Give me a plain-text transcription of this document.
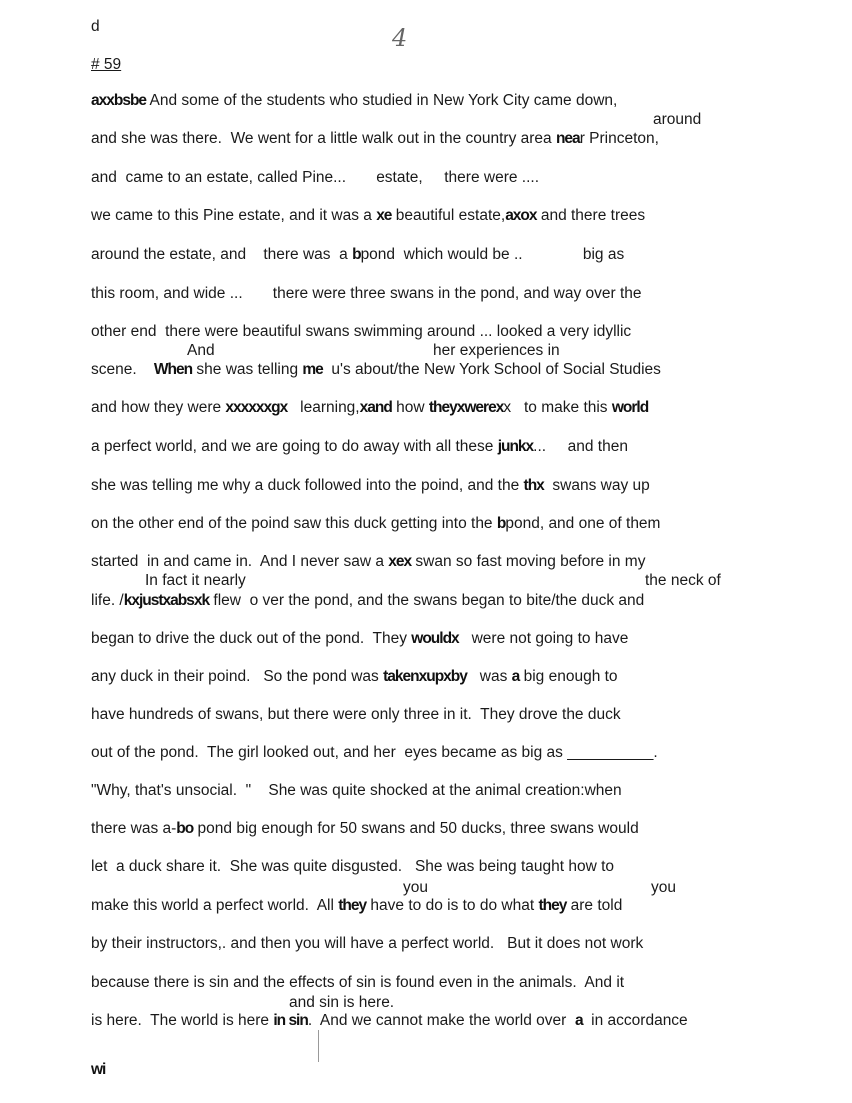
d
# 59
4
axxbsbe And some of the students who studied in New York City came down,
and she was there.  We went for a little walk out in the country area near Princeton,
and  came to an estate, called Pine...       estate,     there were ....
we came to this Pine estate, and it was a xe beautiful estate,axox and there trees
around the estate, and    there was  a bpond  which would be ..              big as
this room, and wide ...       there were three swans in the pond, and way over the
other end  there were beautiful swans swimming around ... looked a very idyllic
scene.    When she was telling me  u's about/the New York School of Social Studies
and how they were xxxxxxgx   learning,xand how theyxwerexx   to make this world
a perfect world, and we are going to do away with all these junkx...     and then
she was telling me why a duck followed into the poind, and the thx  swans way up
on the other end of the poind saw this duck getting into the bpond, and one of them
started  in and came in.  And I never saw a xex swan so fast moving before in my
life. /kxjustxabsxk flew  o ver the pond, and the swans began to bite/the duck and
began to drive the duck out of the pond.  They wouldx   were not going to have
any duck in their poind.   So the pond was takenxupxby   was a big enough to
have hundreds of swans, but there were only three in it.  They drove the duck
out of the pond.  The girl looked out, and her  eyes became as big as __________.
"Why, that's unsocial.  "    She was quite shocked at the animal creation:when
there was a-bo pond big enough for 50 swans and 50 ducks, three swans would
let  a duck share it.  She was quite disgusted.   She was being taught how to
make this world a perfect world.  All they have to do is to do what they are told
by their instructors,. and then you will have a perfect world.   But it does not work
because there is sin and the effects of sin is found even in the animals.  And it
is here.  The world is here in sin.  And we cannot make the world over  a  in accordance
wi
around
And	her experiences in
In fact it nearly	the neck of
you	you
and sin is here.
